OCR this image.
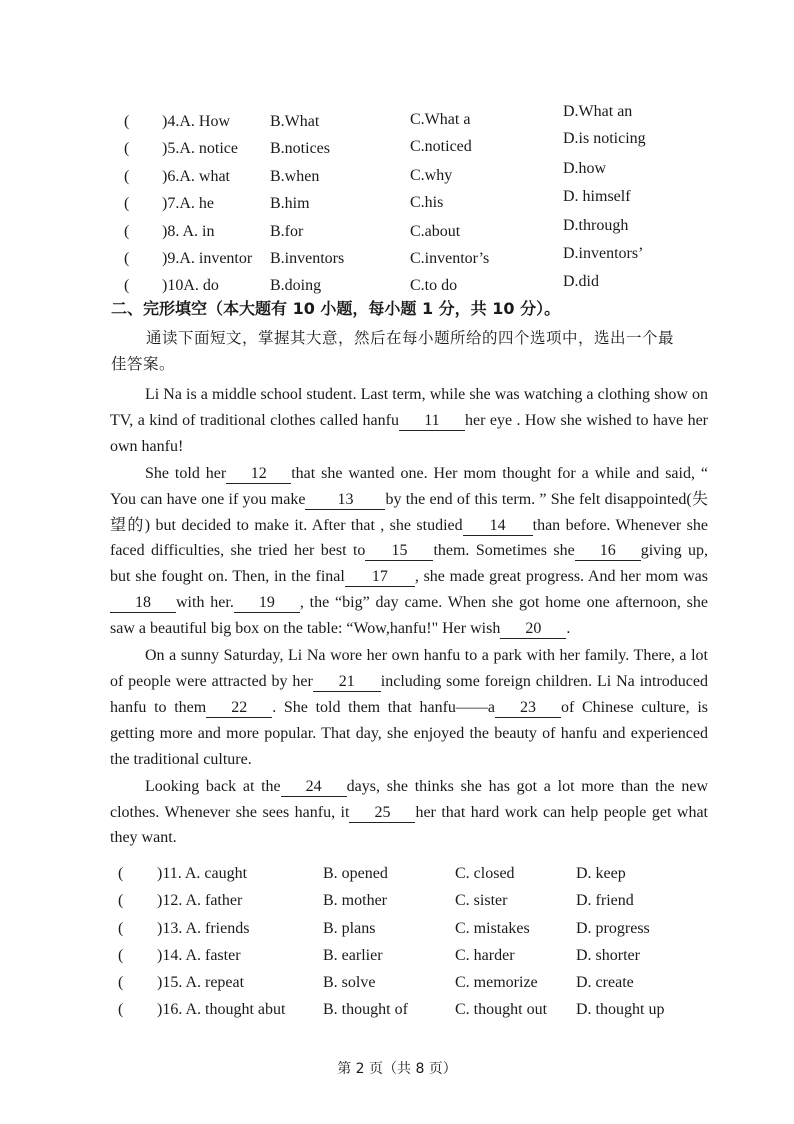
( )4.A. How	B.What	C.What a	D.What an
( )5.A. notice B.notices	C.noticed	D.is noticing
( )6.A. what	B.when	C.why	D.how
( )7.A. he	B.him	C.his	D. himself
( )8. A. in	B.for	C.about	D.through
( )9.A. inventor B.inventors	C.inventor’s	D.inventors’
( )10A. do	B.doing	C.to do	D.did
二、完形填空（本大题有 10 小题，每小题 1 分，共 10 分）。
通读下面短文，掌握其大意，然后在每小题所给的四个选项中，选出一个最
佳答案。

Li Na is a middle school student. Last term, while she was watching a clothing show on TV, a kind of traditional clothes called hanfu 11 her eye . How she wished to have her own hanfu!

She told her 12 that she wanted one. Her mom thought for a while and said, “ You can have one if you make 13 by the end of this term. ” She felt disappointed(失望的) but decided to make it. After that , she studied 14 than before. Whenever she faced difficulties, she tried her best to 15 them. Sometimes she 16 giving up, but she fought on. Then, in the final 17 , she made great progress. And her mom was18 with her. 19 , the “big” day came. When she got home one afternoon, she saw a beautiful big box on the table: “Wow,hanfu!" Her wish 20 .

On a sunny Saturday, Li Na wore her own hanfu to a park with her family. There, a lot of people were attracted by her 21 including some foreign children. Li Na introduced hanfu to them 22 . She told them that hanfu——a 23 of Chinese culture, is getting more and more popular. That day, she enjoyed the beauty of hanfu and experienced the traditional culture.

Looking back at the 24 days, she thinks she has got a lot more than the new clothes. Whenever she sees hanfu, it 25 her that hard work can help people get what they want.

( )11. A. caught	B. opened	C. closed	D. keep
( )12. A. father	B. mother	C. sister	D. friend
( )13. A. friends	B. plans	C. mistakes	D. progress
( )14. A. faster	B. earlier	C. harder	D. shorter
( )15. A. repeat	B. solve	C. memorize D. create
( )16. A. thought abut B. thought of	C. thought out D. thought up
第 2 页（共 8 页）
